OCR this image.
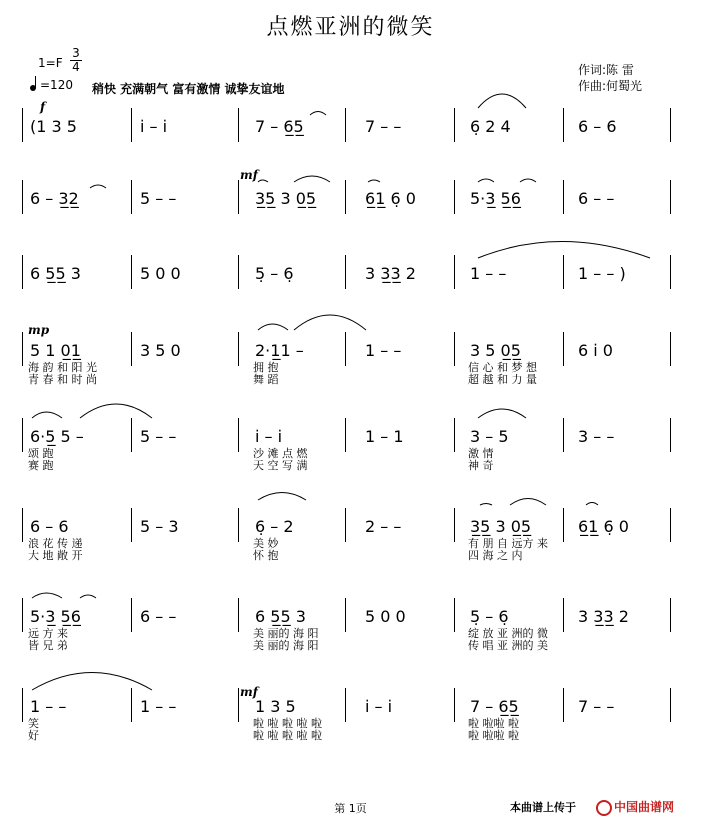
点燃亚洲的微笑
1=F
3
4
=120 稍快 充满朝气 富有激情 诚挚友谊地
作词:陈 雷
作曲:何蜀光
f
mf
mp
mf
(1 3 5	i̇ – i̇	7 – 6̲5̲	7 – –	6̣ 2 4	6 – 6
6 – 3̲2̲	5 – –	3̲5̲ 3 0̲5̲	6̲1̲ 6̣ 0	5·3̲ 5̲6̲	6 – –
6 5̲5̲ 3	5 0 0	5̣ – 6̣	3 3̲3̲ 2	1 – –	1 – – )
5 1 0̲1̲	3 5 0	2·1̲1 –	1 – –	3 5 0̲5̲	6 i̇ 0
海 韵 和 阳 光
青 春 和 时 尚
拥 抱
舞 蹈
信 心 和 梦 想
超 越 和 力 量
6·5̲ 5 –	5 – –	i̇ – i̇	1 – 1	3 – 5	3 – –
颂 跑
赛 跑
沙 滩 点 燃
天 空 写 满
激 情
神 奇
6 – 6	5 – 3	6̣ – 2	2 – –	3̲5̲ 3 0̲5̲	6̲1̲ 6̣ 0
浪 花 传 递
大 地 敞 开
美 妙
怀 抱
有 朋 自 远方 来
四 海 之 内
5·3̲ 5̲6̲	6 – –	6 5̲5̲ 3	5 0 0	5̣ – 6̣	3 3̲3̲ 2
远 方 来
皆 兄 弟
美 丽的 海 阳
美 丽的 海 阳
绽 放 亚 洲的 微
传 唱 亚 洲的 美
1 – –	1 – –	1 3 5	i̇ – i̇	7 – 6̲5̲	7 – –
笑
好
啦 啦 啦 啦 啦
啦 啦 啦 啦 啦
啦 啦啦 啦
啦 啦啦 啦
第 1页	本曲谱上传于	中国曲谱网
